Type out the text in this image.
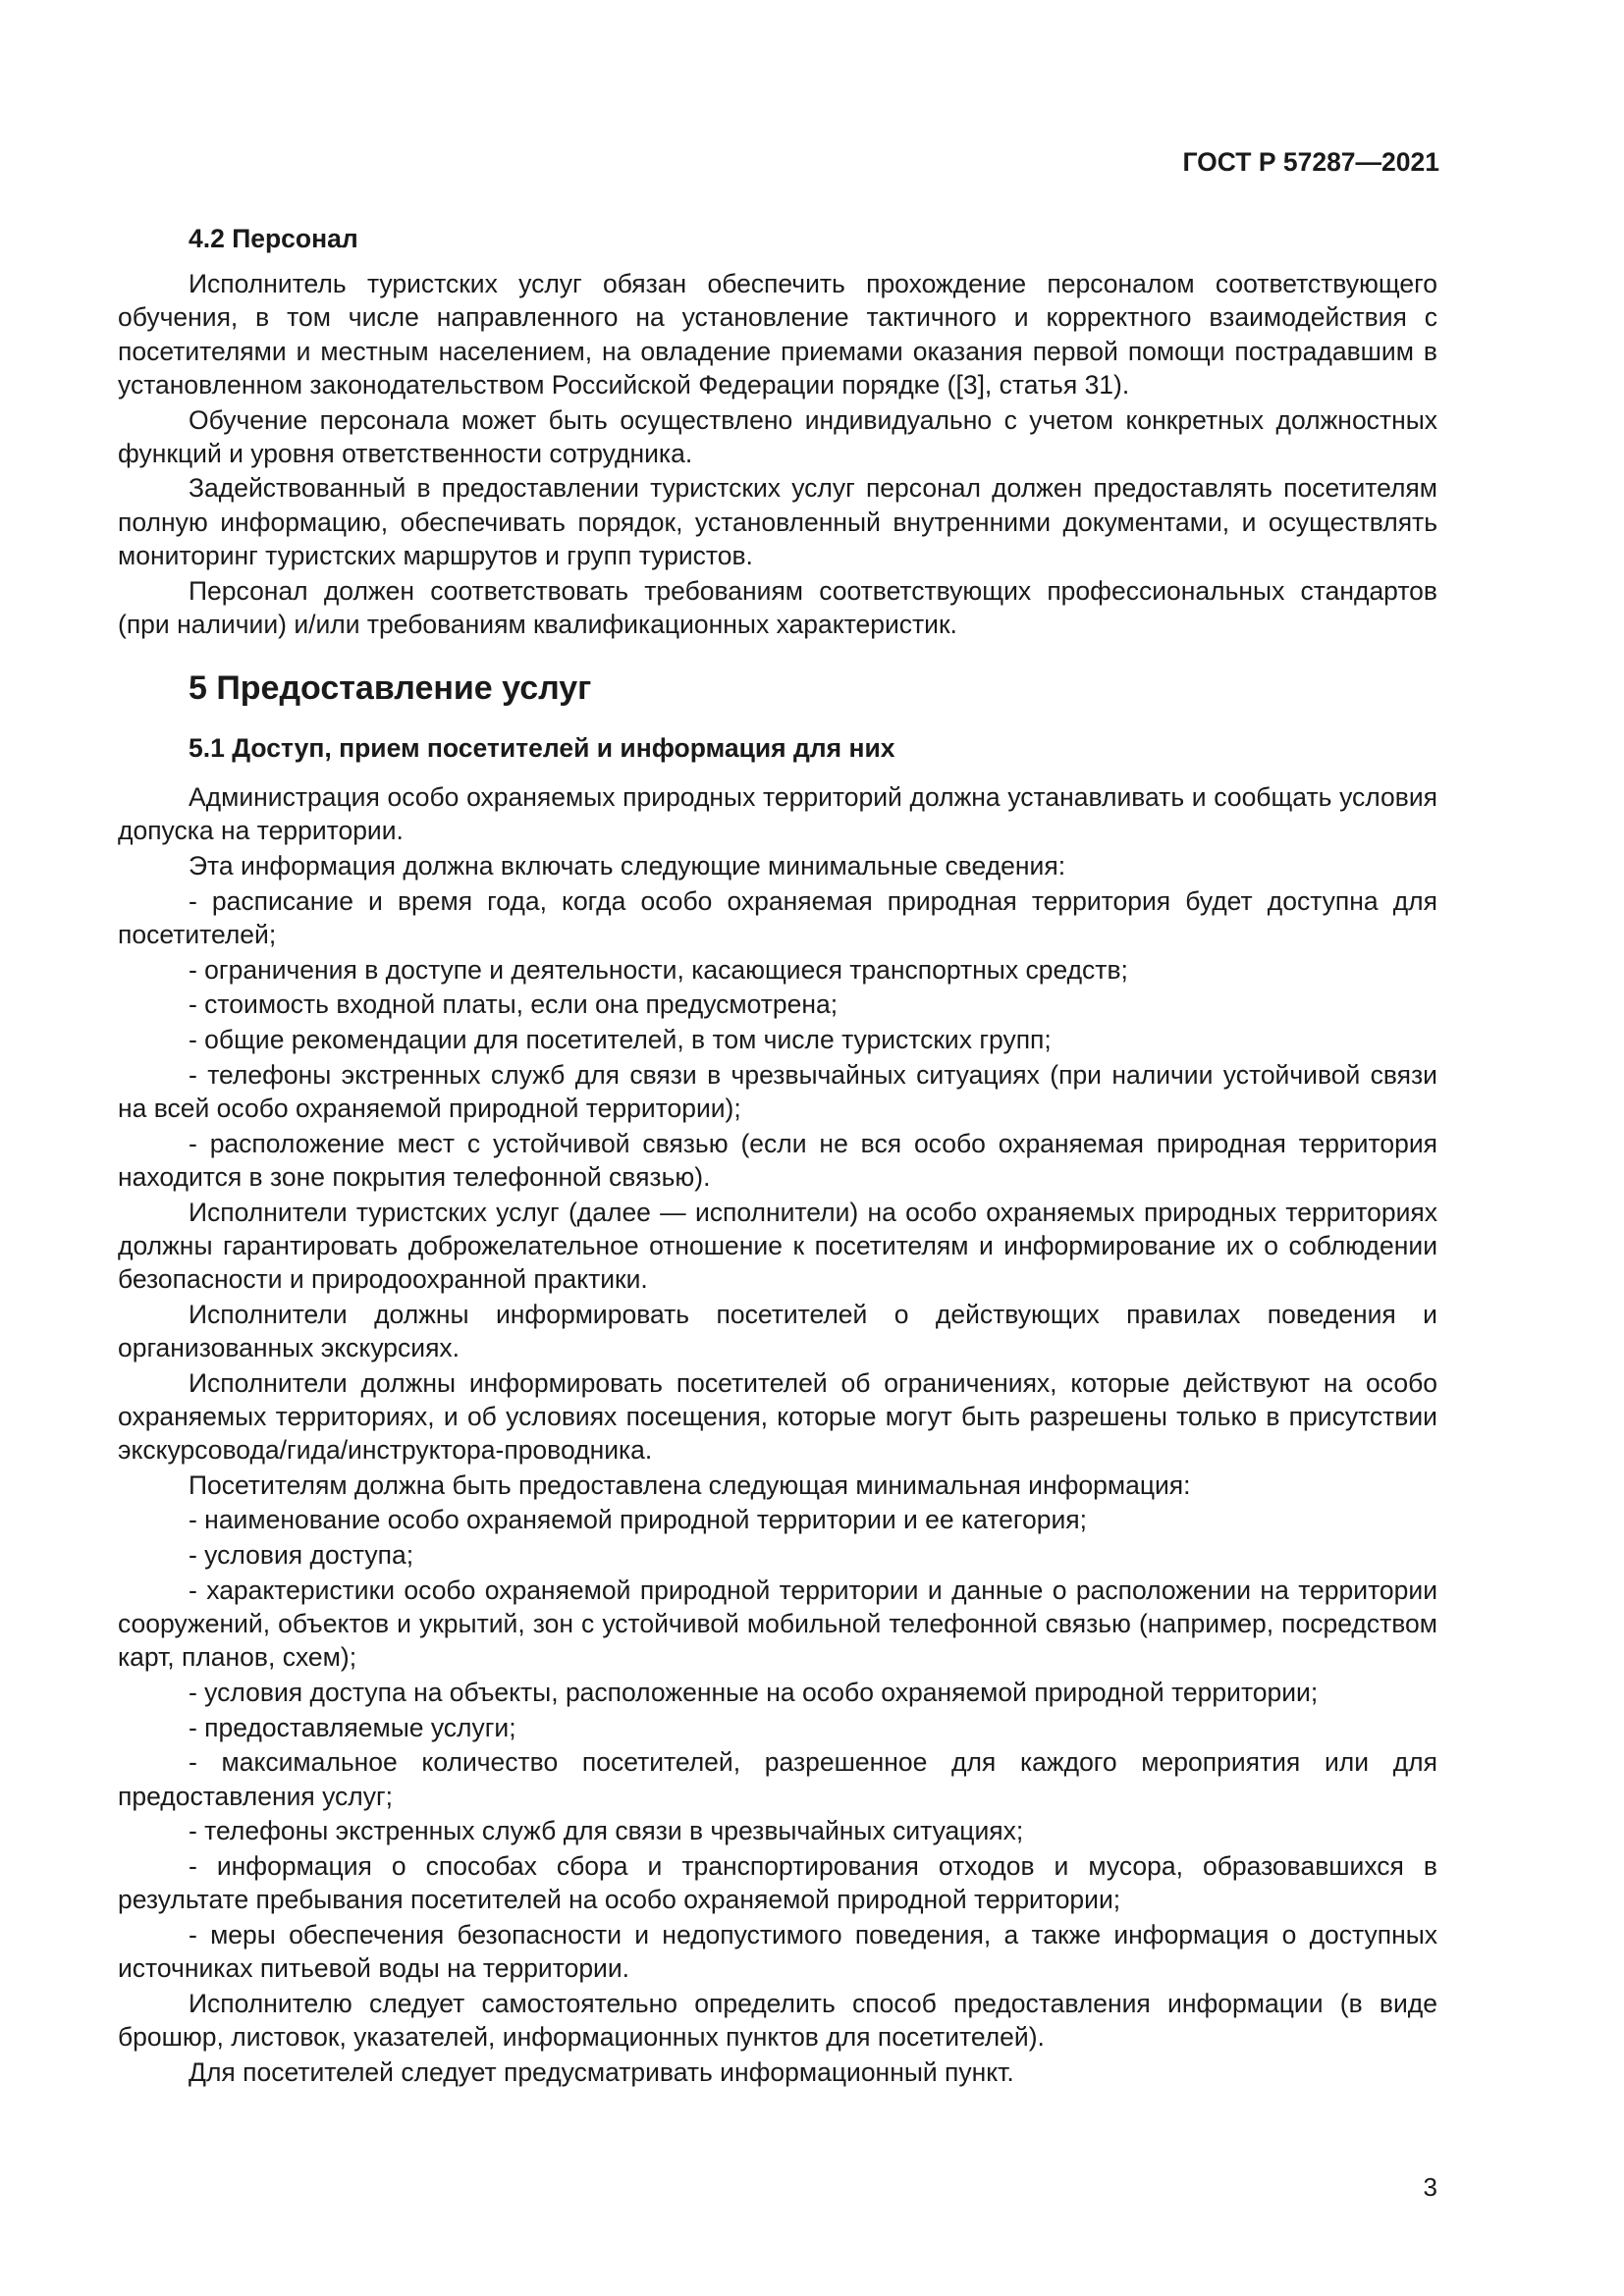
ГОСТ Р 57287—2021
4.2 Персонал

Исполнитель туристских услуг обязан обеспечить прохождение персоналом соответствующего обучения, в том числе направленного на установление тактичного и корректного взаимодействия с посетителями и местным населением, на овладение приемами оказания первой помощи пострадавшим в установленном законодательством Российской Федерации порядке ([3], статья 31).

Обучение персонала может быть осуществлено индивидуально с учетом конкретных должностных функций и уровня ответственности сотрудника.

Задействованный в предоставлении туристских услуг персонал должен предоставлять посетителям полную информацию, обеспечивать порядок, установленный внутренними документами, и осуществлять мониторинг туристских маршрутов и групп туристов.

Персонал должен соответствовать требованиям соответствующих профессиональных стандартов (при наличии) и/или требованиям квалификационных характеристик.

5 Предоставление услуг
5.1 Доступ, прием посетителей и информация для них

Администрация особо охраняемых природных территорий должна устанавливать и сообщать условия допуска на территории.

Эта информация должна включать следующие минимальные сведения:

- расписание и время года, когда особо охраняемая природная территория будет доступна для посетителей;

- ограничения в доступе и деятельности, касающиеся транспортных средств;

- стоимость входной платы, если она предусмотрена;

- общие рекомендации для посетителей, в том числе туристских групп;

- телефоны экстренных служб для связи в чрезвычайных ситуациях (при наличии устойчивой связи на всей особо охраняемой природной территории);

- расположение мест с устойчивой связью (если не вся особо охраняемая природная территория находится в зоне покрытия телефонной связью).

Исполнители туристских услуг (далее — исполнители) на особо охраняемых природных территориях должны гарантировать доброжелательное отношение к посетителям и информирование их о соблюдении безопасности и природоохранной практики.

Исполнители должны информировать посетителей о действующих правилах поведения и организованных экскурсиях.

Исполнители должны информировать посетителей об ограничениях, которые действуют на особо охраняемых территориях, и об условиях посещения, которые могут быть разрешены только в присутствии экскурсовода/гида/инструктора-проводника.

Посетителям должна быть предоставлена следующая минимальная информация:

- наименование особо охраняемой природной территории и ее категория;

- условия доступа;

- характеристики особо охраняемой природной территории и данные о расположении на территории сооружений, объектов и укрытий, зон с устойчивой мобильной телефонной связью (например, посредством карт, планов, схем);

- условия доступа на объекты, расположенные на особо охраняемой природной территории;

- предоставляемые услуги;

- максимальное количество посетителей, разрешенное для каждого мероприятия или для предоставления услуг;

- телефоны экстренных служб для связи в чрезвычайных ситуациях;

- информация о способах сбора и транспортирования отходов и мусора, образовавшихся в результате пребывания посетителей на особо охраняемой природной территории;

- меры обеспечения безопасности и недопустимого поведения, а также информация о доступных источниках питьевой воды на территории.

Исполнителю следует самостоятельно определить способ предоставления информации (в виде брошюр, листовок, указателей, информационных пунктов для посетителей).

Для посетителей следует предусматривать информационный пункт.

3
